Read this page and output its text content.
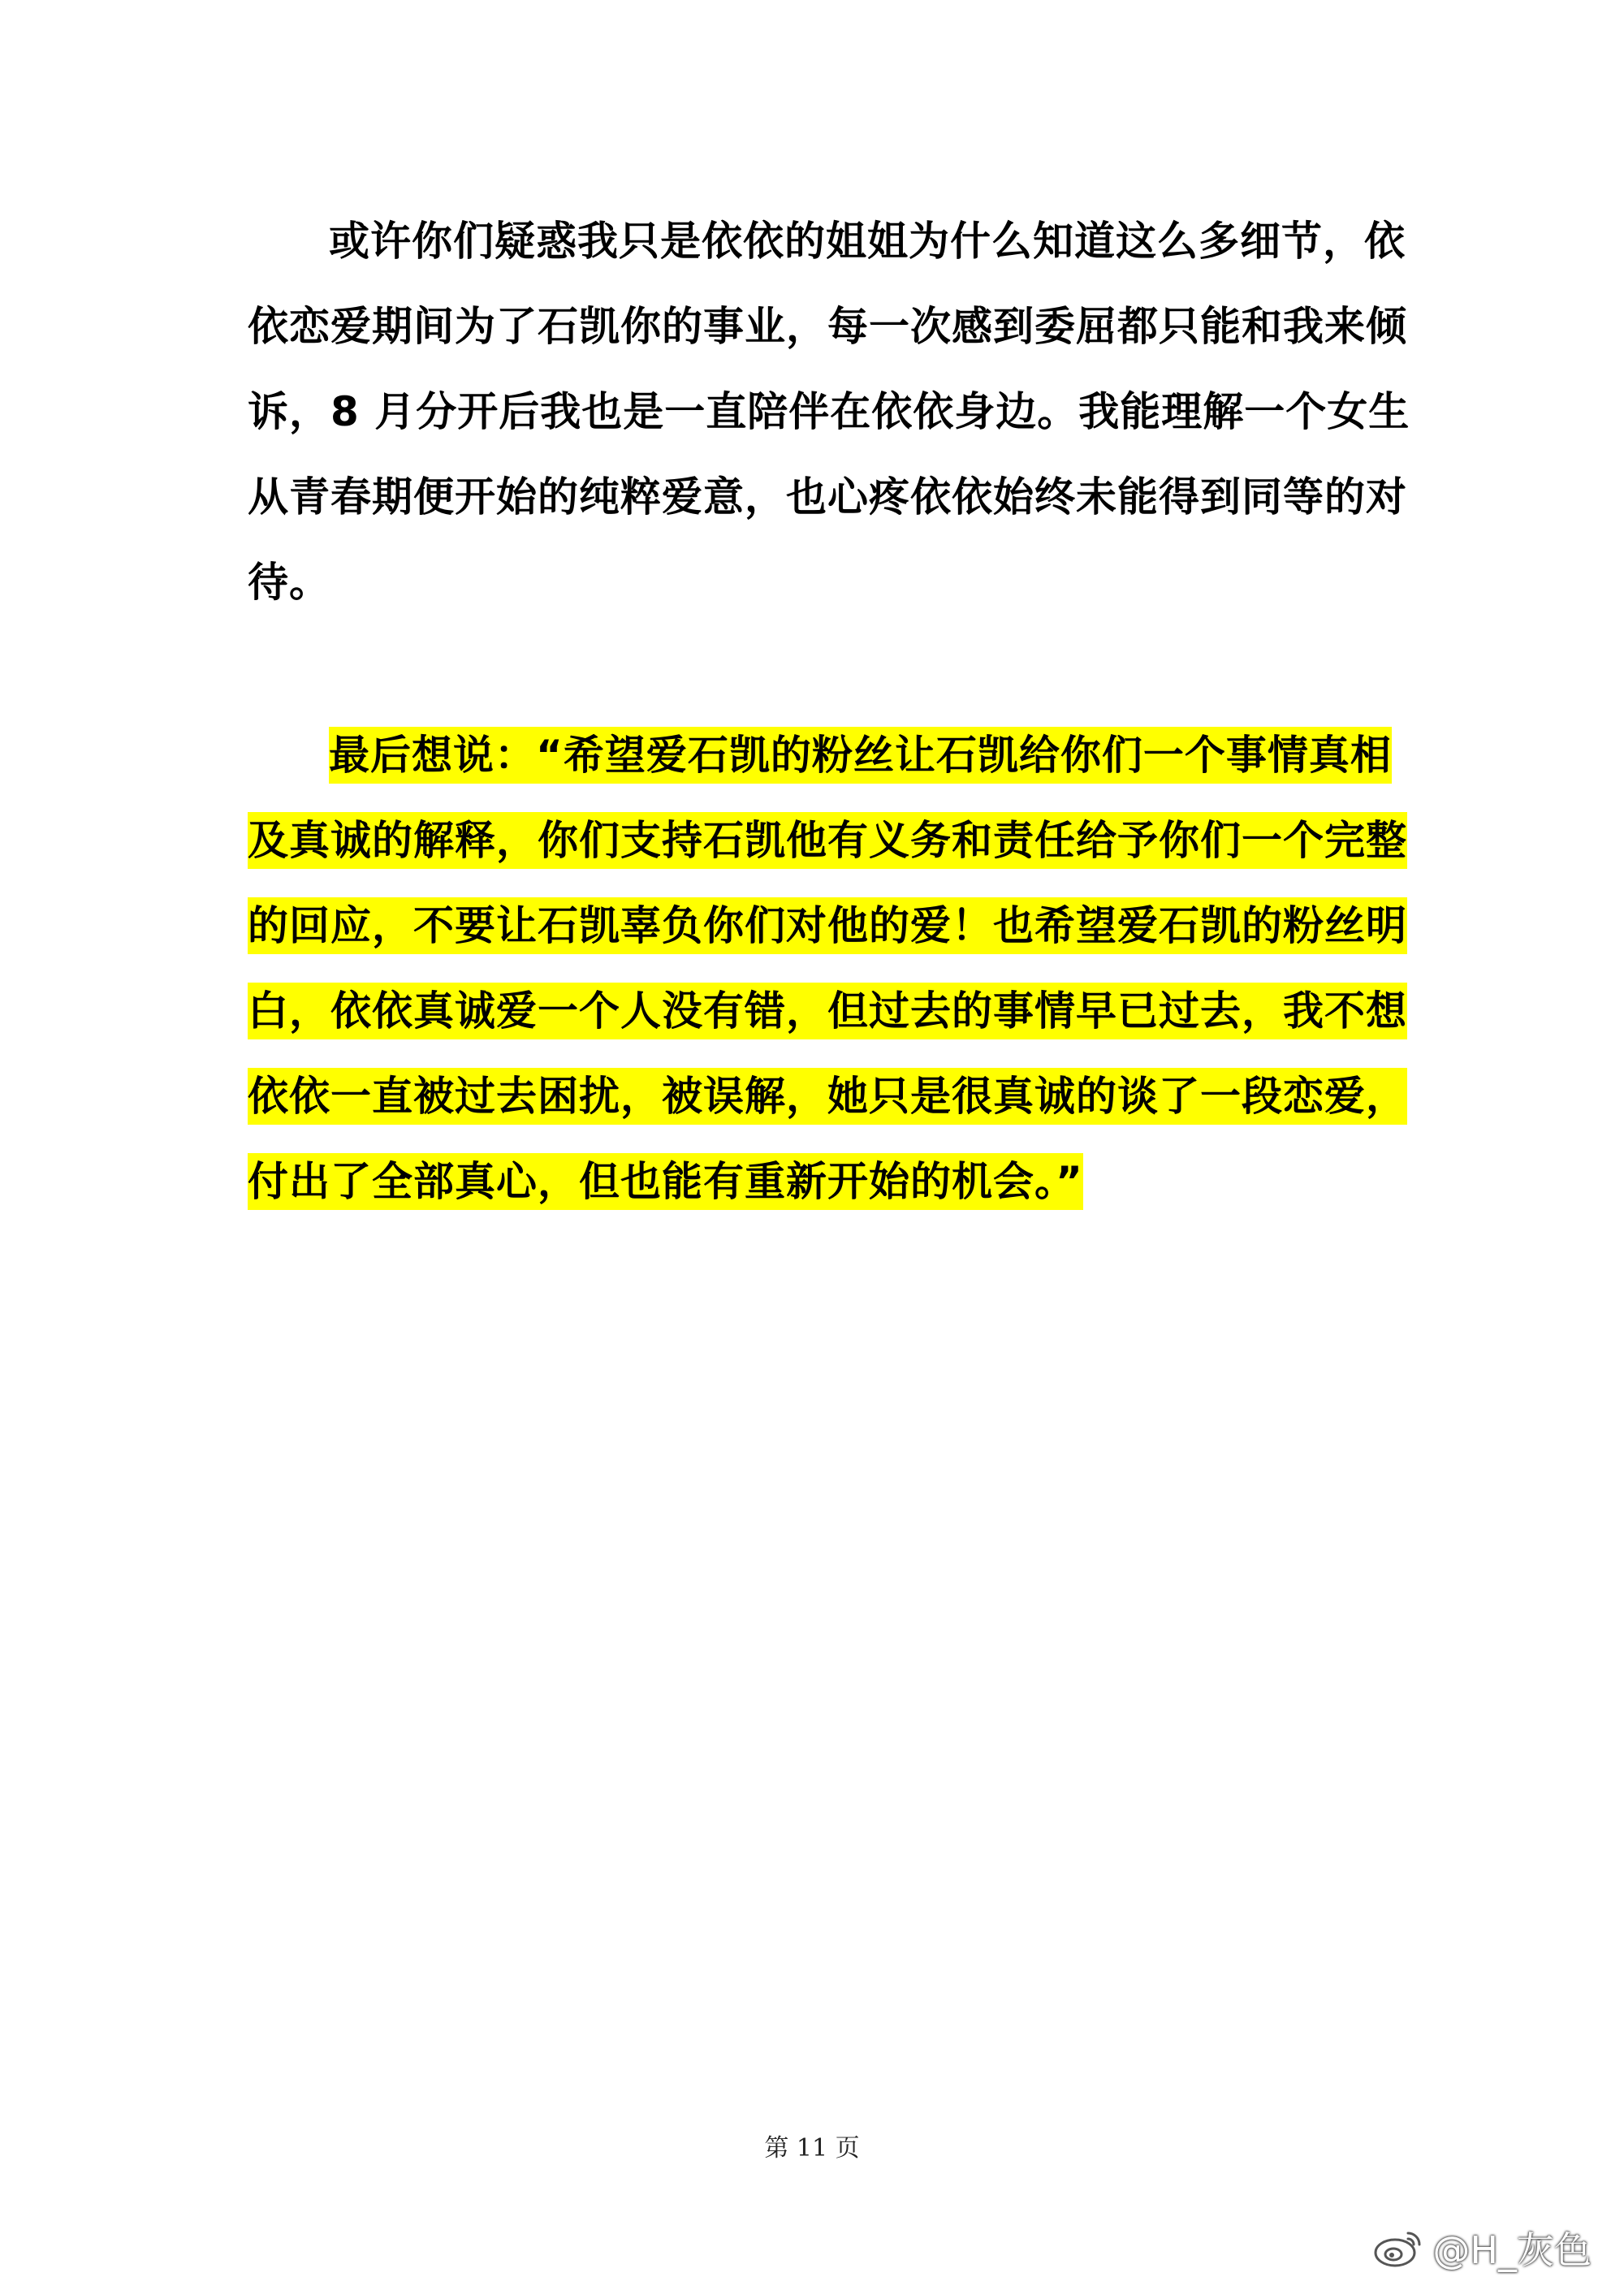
或许你们疑惑我只是依依的姐姐为什么知道这么多细节，依
依恋爱期间为了石凯你的事业，每一次感到委屈都只能和我来倾
诉，8 月分开后我也是一直陪伴在依依身边。我能理解一个女生
从青春期便开始的纯粹爱意，也心疼依依始终未能得到同等的对
待。
最后想说：“希望爱石凯的粉丝让石凯给你们一个事情真相
及真诚的解释，你们支持石凯他有义务和责任给予你们一个完整
的回应，不要让石凯辜负你们对他的爱！也希望爱石凯的粉丝明
白，依依真诚爱一个人没有错，但过去的事情早已过去，我不想
依依一直被过去困扰，被误解，她只是很真诚的谈了一段恋爱，
付出了全部真心，但也能有重新开始的机会。”
第 11 页
@H_灰色
